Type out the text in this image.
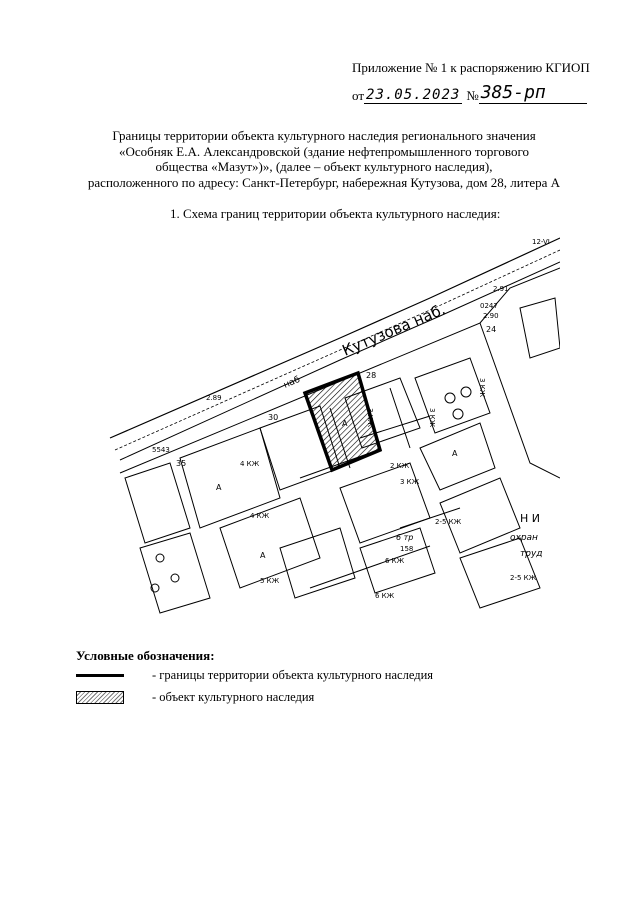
Приложение № 1 к распоряжению КГИОП
от 23.05.2023 № 385-рп
Границы территории объекта культурного наследия регионального значения
«Особняк Е.А. Александровской (здание нефтепромышленного торгового
общества «Мазут»)», (далее – объект культурного наследия),
расположенного по адресу: Санкт-Петербург, набережная Кутузова, дом 28, литера А
1. Схема границ территории объекта культурного наследия:
Кутузова наб.
наб
2.89
2.91
2.90
0247
5543
35
30
28
24
158
3 КЖ
3 КЖ
3 КЖ
2 КЖ
3 КЖ
4 КЖ
4 КЖ
5 КЖ
6 КЖ
6 КЖ
2-5 КЖ
2-5 КЖ
А
А
А
А
6 тр
Н И
охран
труд
12-VI
Условные обозначения:
- границы территории объекта культурного наследия
- объект культурного наследия
